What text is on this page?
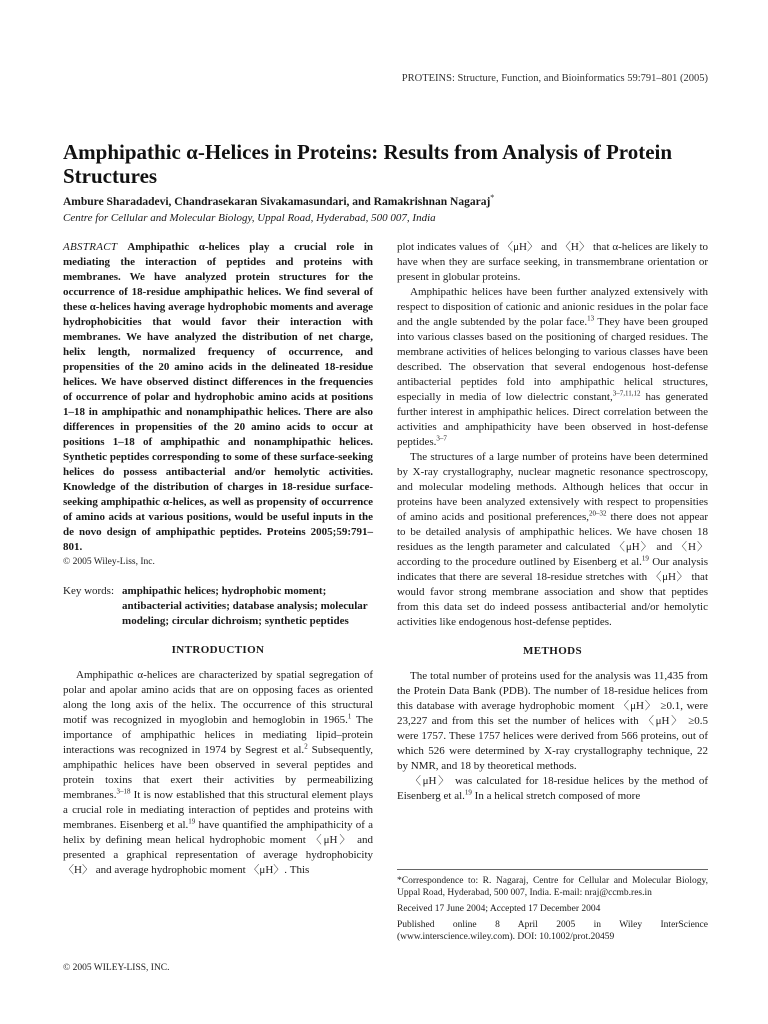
PROTEINS: Structure, Function, and Bioinformatics 59:791–801 (2005)
Amphipathic α-Helices in Proteins: Results from Analysis of Protein Structures
Ambure Sharadadevi, Chandrasekaran Sivakamasundari, and Ramakrishnan Nagaraj*
Centre for Cellular and Molecular Biology, Uppal Road, Hyderabad, 500 007, India

ABSTRACT Amphipathic α-helices play a crucial role in mediating the interaction of peptides and proteins with membranes. We have analyzed protein structures for the occurrence of 18-residue amphipathic helices. We find several of these α-helices having average hydrophobic moments and average hydrophobicities that would favor their interaction with membranes. We have analyzed the distribution of net charge, helix length, normalized frequency of occurrence, and propensities of the 20 amino acids in the delineated 18-residue helices. We have observed distinct differences in the frequencies of occurrence of polar and hydrophobic amino acids at positions 1–18 in amphipathic and nonamphipathic helices. There are also differences in propensities of the 20 amino acids to occur at positions 1–18 of amphipathic and nonamphipathic helices. Synthetic peptides corresponding to some of these surface-seeking helices do possess antibacterial and/or hemolytic activities. Knowledge of the distribution of charges in 18-residue surface-seeking amphipathic α-helices, as well as propensity of occurrence of amino acids at various positions, would be useful inputs in the de novo design of amphipathic peptides. Proteins 2005;59:791–801.

© 2005 Wiley-Liss, Inc.

Key words: amphipathic helices; hydrophobic moment; antibacterial activities; database analysis; molecular modeling; circular dichroism; synthetic peptides
INTRODUCTION

Amphipathic α-helices are characterized by spatial segregation of polar and apolar amino acids that are on opposing faces as oriented along the long axis of the helix. The occurrence of this structural motif was recognized in myoglobin and hemoglobin in 1965.$^1$ The importance of amphipathic helices in mediating lipid–protein interactions was recognized in 1974 by Segrest et al.$^2$ Subsequently, amphipathic helices have been observed in several peptides and protein toxins that exert their activities by permeabilizing membranes.$^{3-18}$ It is now established that this structural element plays a crucial role in mediating interaction of peptides and proteins with membranes. Eisenberg et al.$^{19}$ have quantified the amphipathicity of a helix by defining mean helical hydrophobic moment 〈μH〉 and presented a graphical representation of average hydrophobicity 〈H〉 and average hydrophobic moment 〈μH〉. This

plot indicates values of 〈μH〉 and 〈H〉 that α-helices are likely to have when they are surface seeking, in transmembrane orientation or present in globular proteins.

Amphipathic helices have been further analyzed extensively with respect to disposition of cationic and anionic residues in the polar face and the angle subtended by the polar face.$^{13}$ They have been grouped into various classes based on the positioning of charged residues. The membrane activities of helices belonging to various classes have been described. The observation that several endogenous host-defense antibacterial peptides fold into amphipathic helical structures, especially in media of low dielectric constant,$^{3-7,11,12}$ has generated further interest in amphipathic helices. Direct correlation between the activities and amphipathicity have been observed in host-defense peptides.$^{3-7}$

The structures of a large number of proteins have been determined by X-ray crystallography, nuclear magnetic resonance spectroscopy, and molecular modeling methods. Although helices that occur in proteins have been analyzed extensively with respect to propensities of amino acids and positional preferences,$^{20-32}$ there does not appear to be detailed analysis of amphipathic helices. We have chosen 18 residues as the length parameter and calculated 〈μH〉 and 〈H〉 according to the procedure outlined by Eisenberg et al.$^{19}$ Our analysis indicates that there are several 18-residue stretches with 〈μH〉 that would favor strong membrane association and show that peptides from this data set do indeed possess antibacterial and/or hemolytic activities like endogenous host-defense peptides.

METHODS

The total number of proteins used for the analysis was 11,435 from the Protein Data Bank (PDB). The number of 18-residue helices from this database with average hydrophobic moment 〈μH〉 ≥0.1, were 23,227 and from this set the number of helices with 〈μH〉 ≥0.5 were 1757. These 1757 helices were derived from 566 proteins, out of which 526 were determined by X-ray crystallography technique, 22 by NMR, and 18 by theoretical methods.

〈μH〉 was calculated for 18-residue helices by the method of Eisenberg et al.$^{19}$ In a helical stretch composed of more

*Correspondence to: R. Nagaraj, Centre for Cellular and Molecular Biology, Uppal Road, Hyderabad, 500 007, India. E-mail: nraj@ccmb.res.in

Received 17 June 2004; Accepted 17 December 2004

Published online 8 April 2005 in Wiley InterScience (www.interscience.wiley.com). DOI: 10.1002/prot.20459

© 2005 WILEY-LISS, INC.
